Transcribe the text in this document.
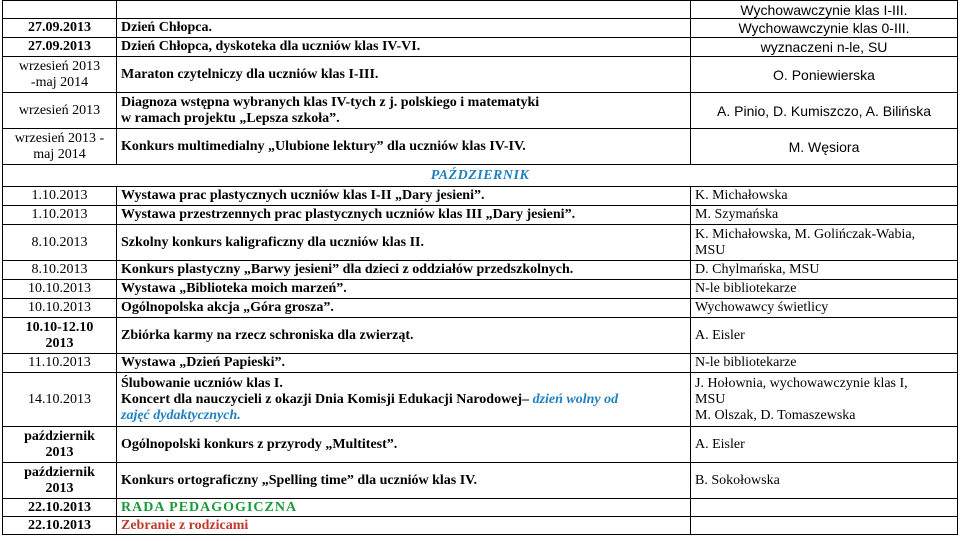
		Wychowawczynie klas I-III.
27.09.2013	Dzień Chłopca.	Wychowawczynie klas 0-III.
27.09.2013	Dzień Chłopca, dyskoteka dla uczniów klas IV-VI.	wyznaczeni n-le, SU

wrzesień 2013
-maj 2014	Maraton czytelniczy dla uczniów klas I-III.	O. Poniewierska
wrzesień 2013	Diagnoza wstępna wybranych klas IV-tych z j. polskiego i matematyki
w ramach projektu „Lepsza szkoła”.	A. Pinio, D. Kumiszczo, A. Bilińska

wrzesień 2013 -
maj 2014	Konkurs multimedialny „Ulubione lektury” dla uczniów klas IV-IV.	M. Węsiora
PAŹDZIERNIK		
1.10.2013	Wystawa prac plastycznych uczniów klas I-II „Dary jesieni”.	K. Michałowska
1.10.2013	Wystawa przestrzennych prac plastycznych uczniów klas III „Dary jesieni”.	M. Szymańska
8.10.2013	Szkolny konkurs kaligraficzny dla uczniów klas II.	K. Michałowska, M. Golińczak-Wabia,
MSU

8.10.2013	Konkurs plastyczny „Barwy jesieni” dla dzieci z oddziałów przedszkolnych.	D. Chylmańska, MSU
10.10.2013	Wystawa „Biblioteka moich marzeń”.	N-le bibliotekarze
10.10.2013	Ogólnopolska akcja „Góra grosza”.	Wychowawcy świetlicy

10.10-12.10
2013	Zbiórka karmy na rzecz schroniska dla zwierząt.	A. Eisler
11.10.2013	Wystawa „Dzień Papieski”.	N-le bibliotekarze
14.10.2013	Ślubowanie uczniów klas I.
Koncert dla nauczycieli z okazji Dnia Komisji Edukacji Narodowej– dzień wolny od
zajęć dydaktycznych.	J. Hołownia, wychowawczynie klas I,
MSU
M. Olszak, D. Tomaszewska

październik
2013	Ogólnopolski konkurs z przyrody „Multitest”.	A. Eisler

październik
2013	Konkurs ortograficzny „Spelling time” dla uczniów klas IV.	B. Sokołowska
22.10.2013	RADA PEDAGOGICZNA	
22.10.2013	Zebranie z rodzicami	
